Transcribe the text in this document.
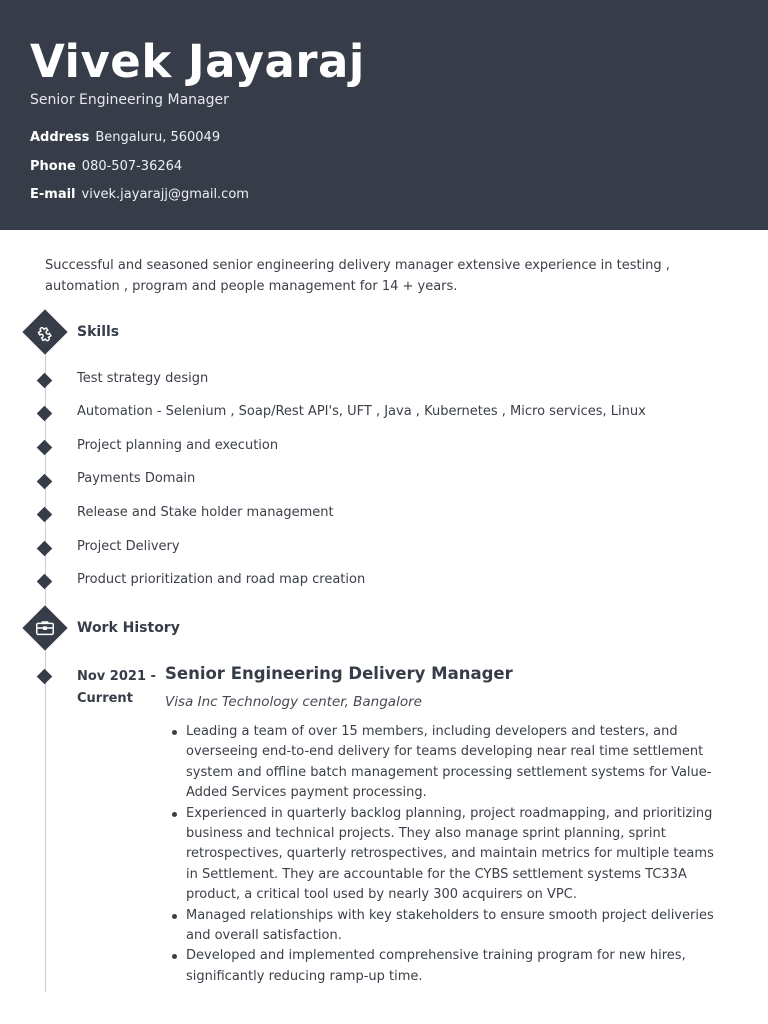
Vivek Jayaraj
Senior Engineering Manager
Address Bengaluru, 560049
Phone 080-507-36264
E-mail vivek.jayarajj@gmail.com
Successful and seasoned senior engineering delivery manager extensive experience in testing , automation , program and people management for 14 + years.
Skills
Test strategy design
Automation - Selenium , Soap/Rest API's, UFT , Java , Kubernetes , Micro services, Linux
Project planning and execution
Payments Domain
Release and Stake holder management
Project Delivery
Product prioritization and road map creation
Work History
Nov 2021 -
Current
Senior Engineering Delivery Manager
Visa Inc Technology center, Bangalore
Leading a team of over 15 members, including developers and testers, and overseeing end-to-end delivery for teams developing near real time settlement system and offline batch management processing settlement systems for Value-Added Services payment processing.
Experienced in quarterly backlog planning, project roadmapping, and prioritizing business and technical projects. They also manage sprint planning, sprint retrospectives, quarterly retrospectives, and maintain metrics for multiple teams in Settlement. They are accountable for the CYBS settlement systems TC33A product, a critical tool used by nearly 300 acquirers on VPC.
Managed relationships with key stakeholders to ensure smooth project deliveries and overall satisfaction.
Developed and implemented comprehensive training program for new hires, significantly reducing ramp-up time.
